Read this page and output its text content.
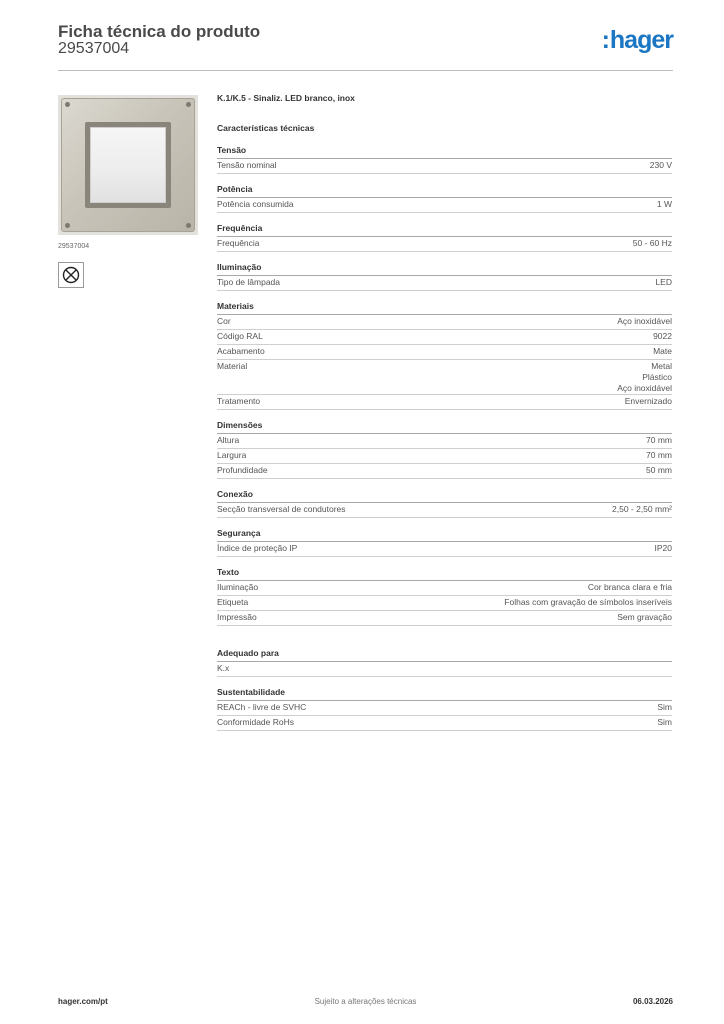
Ficha técnica do produto
29537004	:hager
29537004
K.1/K.5 - Sinaliz. LED branco, inox
Características técnicas
Tensão
Tensão nominal	230 V
Potência
Potência consumida	1 W
Frequência
Frequência	50 - 60 Hz
Iluminação
Tipo de lâmpada	LED
Materiais
Cor	Aço inoxidável
Código RAL	9022
Acabamento	Mate
Material	Metal
Plástico
Aço inoxidável
Tratamento	Envernizado
Dimensões
Altura	70 mm
Largura	70 mm
Profundidade	50 mm
Conexão
Secção transversal de condutores	2,50 - 2,50 mm²
Segurança
Índice de proteção IP	IP20
Texto
Iluminação	Cor branca clara e fria
Etiqueta	Folhas com gravação de símbolos inseríveis
Impressão	Sem gravação
Adequado para
K.x
Sustentabilidade
REACh - livre de SVHC	Sim
Conformidade RoHs	Sim
Sujeito a alterações técnicas
hager.com/pt	06.03.2026
